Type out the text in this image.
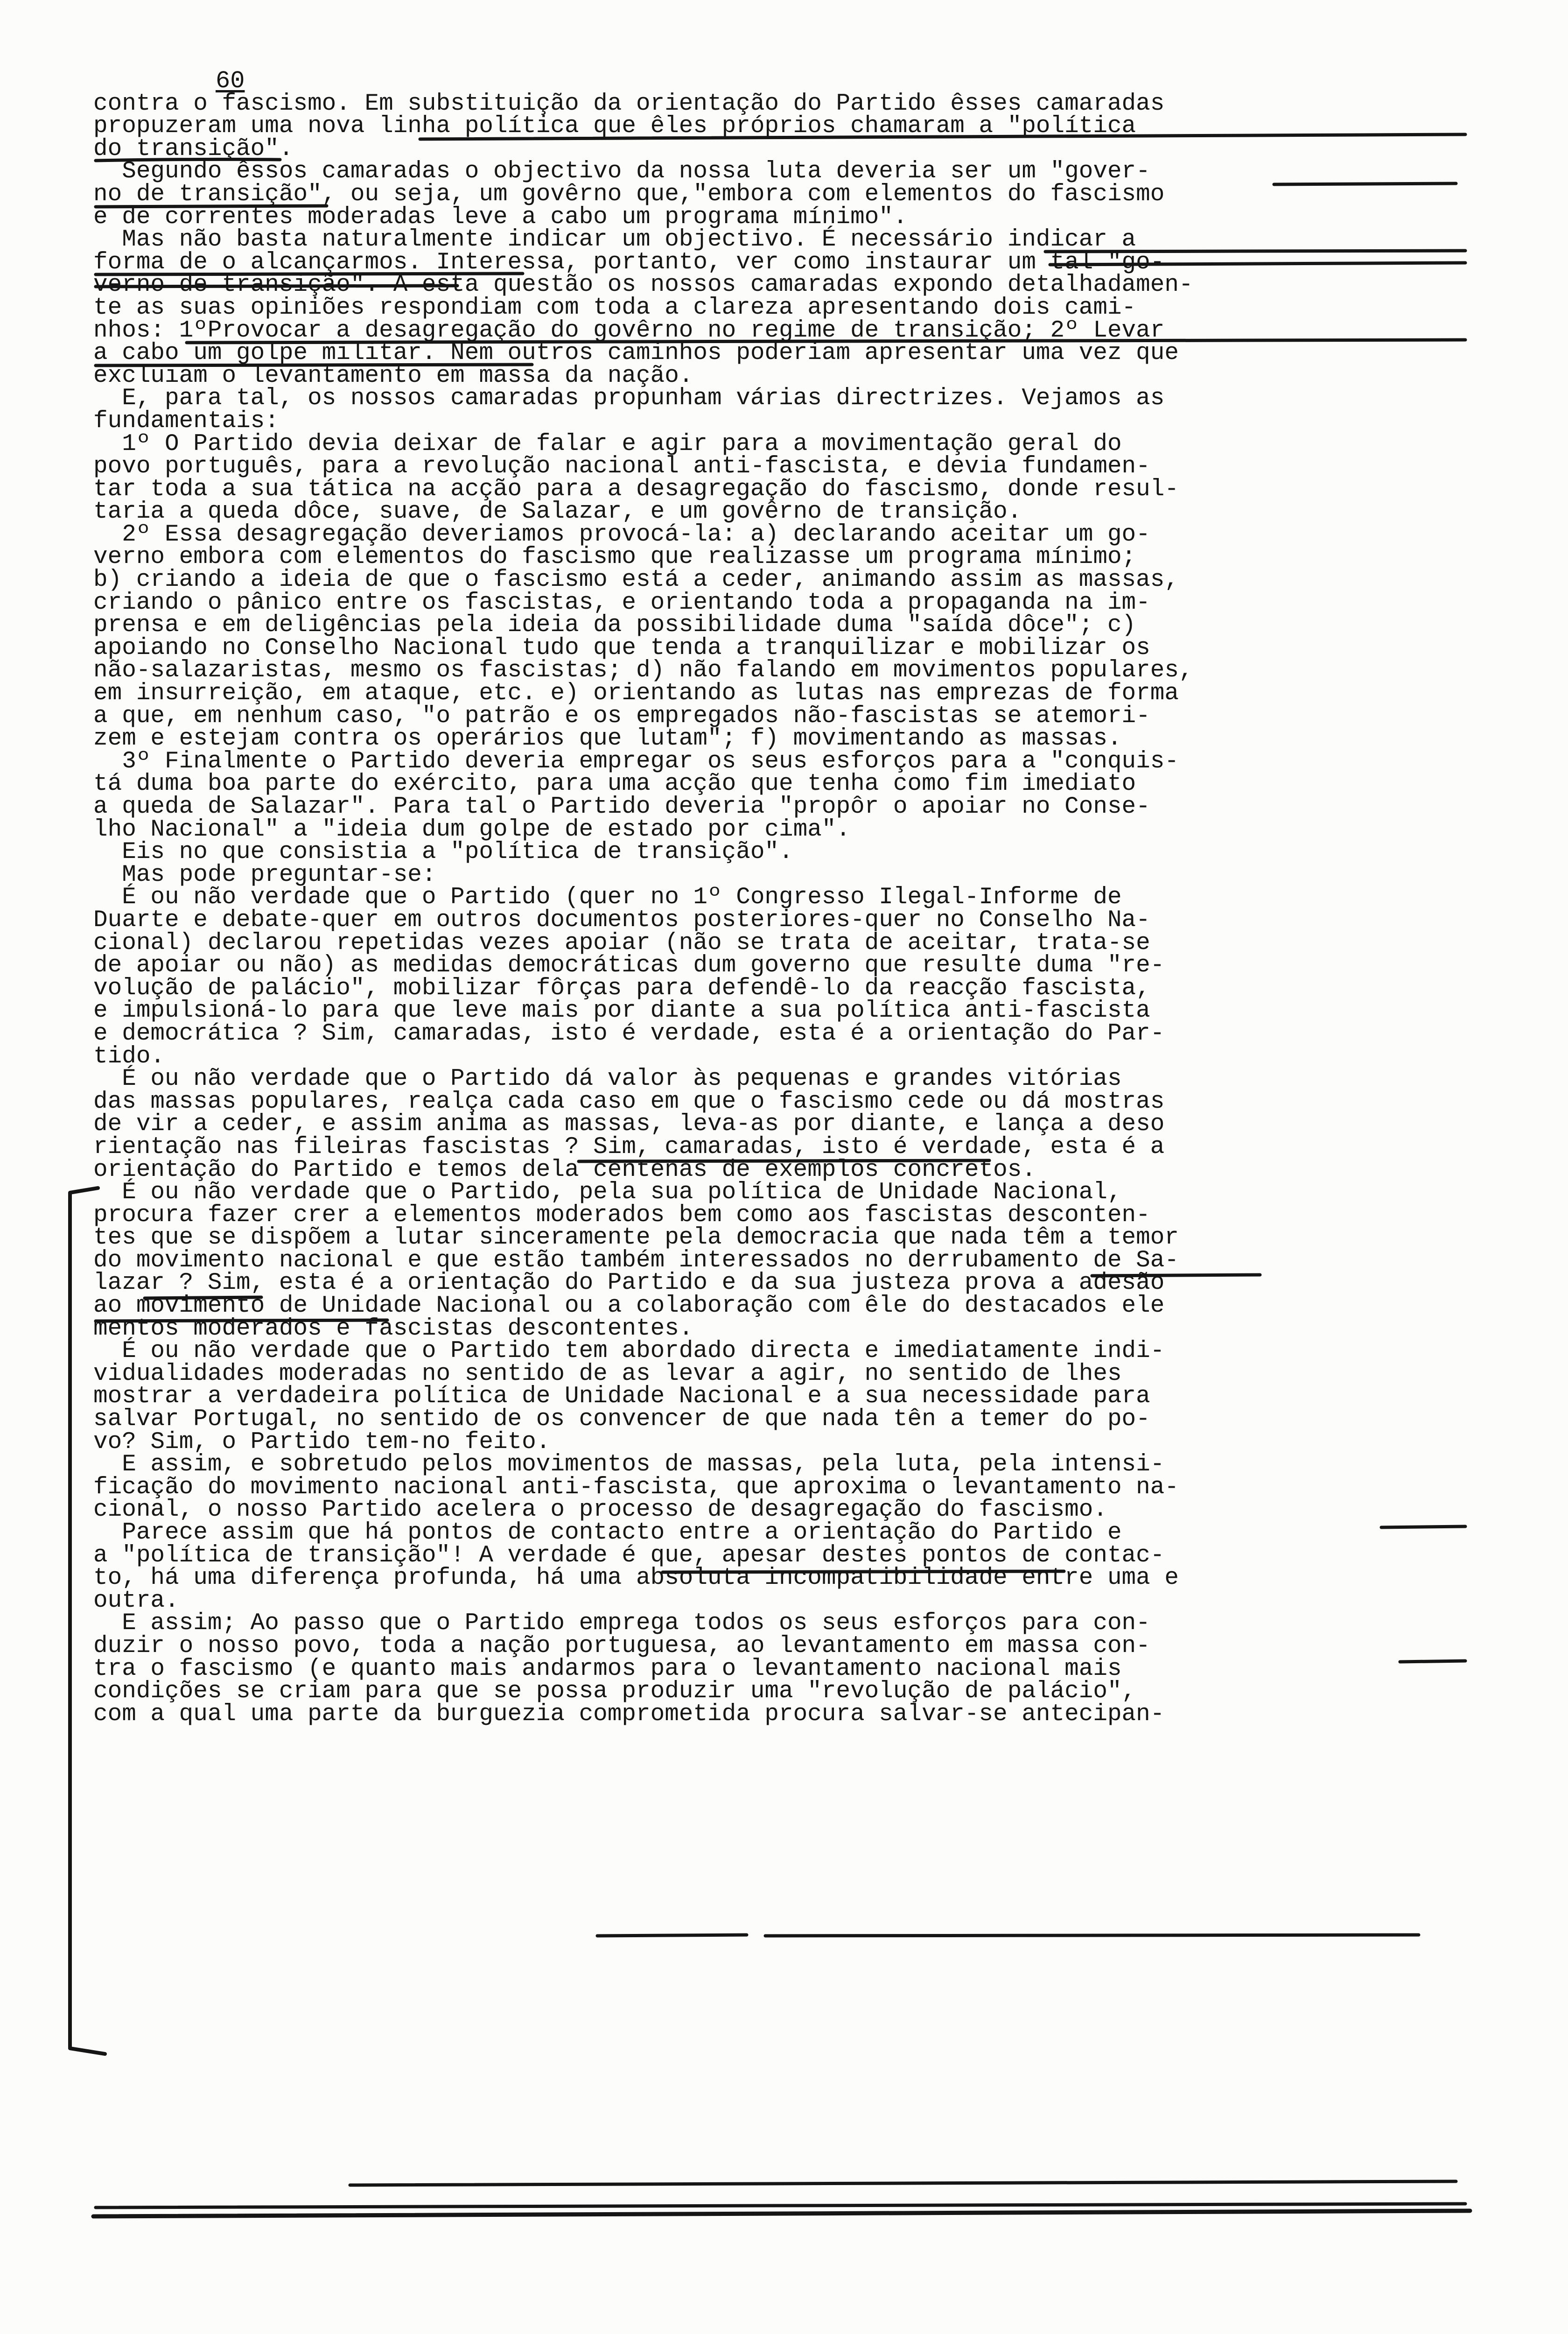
60
contra o fascismo. Em substituição da orientação do Partido êsses camaradas
propuzeram uma nova linha política que êles próprios chamaram a "política
do transição".
Segundo êssos camaradas o objectivo da nossa luta deveria ser um "gover-
no de transição", ou seja, um govêrno que,"embora com elementos do fascismo
e de correntes moderadas leve a cabo um programa mínimo".
Mas não basta naturalmente indicar um objectivo. É necessário indicar a
forma de o alcançarmos. Interessa, portanto, ver como instaurar um tal "go-
verno de transição". A esta questão os nossos camaradas expondo detalhadamen-
te as suas opiniões respondiam com toda a clareza apresentando dois cami-
nhos: 1ºProvocar a desagregação do govêrno no regime de transição; 2º Levar
a cabo um golpe militar. Nem outros caminhos poderiam apresentar uma vez que
excluiam o levantamento em massa da nação.
E, para tal, os nossos camaradas propunham várias directrizes. Vejamos as
fundamentais:
1º O Partido devia deixar de falar e agir para a movimentação geral do
povo português, para a revolução nacional anti-fascista, e devia fundamen-
tar toda a sua tática na acção para a desagregação do fascismo, donde resul-
taria a queda dôce, suave, de Salazar, e um govêrno de transição.
2º Essa desagregação deveriamos provocá-la: a) declarando aceitar um go-
verno embora com elementos do fascismo que realizasse um programa mínimo;
b) criando a ideia de que o fascismo está a ceder, animando assim as massas,
criando o pânico entre os fascistas, e orientando toda a propaganda na im-
prensa e em deligências pela ideia da possibilidade duma "saída dôce"; c)
apoiando no Conselho Nacional tudo que tenda a tranquilizar e mobilizar os
não-salazaristas, mesmo os fascistas; d) não falando em movimentos populares,
em insurreição, em ataque, etc. e) orientando as lutas nas emprezas de forma
a que, em nenhum caso, "o patrão e os empregados não-fascistas se atemori-
zem e estejam contra os operários que lutam"; f) movimentando as massas.
3º Finalmente o Partido deveria empregar os seus esforços para a "conquis-
tá duma boa parte do exército, para uma acção que tenha como fim imediato
a queda de Salazar". Para tal o Partido deveria "propôr o apoiar no Conse-
lho Nacional" a "ideia dum golpe de estado por cima".
Eis no que consistia a "política de transição".
Mas pode preguntar-se:
É ou não verdade que o Partido (quer no 1º Congresso Ilegal-Informe de
Duarte e debate-quer em outros documentos posteriores-quer no Conselho Na-
cional) declarou repetidas vezes apoiar (não se trata de aceitar, trata-se
de apoiar ou não) as medidas democráticas dum governo que resulte duma "re-
volução de palácio", mobilizar fôrças para defendê-lo da reacção fascista,
e impulsioná-lo para que leve mais por diante a sua política anti-fascista
e democrática ? Sim, camaradas, isto é verdade, esta é a orientação do Par-
tido.
É ou não verdade que o Partido dá valor às pequenas e grandes vitórias
das massas populares, realça cada caso em que o fascismo cede ou dá mostras
de vir a ceder, e assim anima as massas, leva-as por diante, e lança a deso
rientação nas fileiras fascistas ? Sim, camaradas, isto é verdade, esta é a
orientação do Partido e temos dela centenas de exemplos concretos.
É ou não verdade que o Partido, pela sua política de Unidade Nacional,
procura fazer crer a elementos moderados bem como aos fascistas desconten-
tes que se dispõem a lutar sinceramente pela democracia que nada têm a temor
do movimento nacional e que estão também interessados no derrubamento de Sa-
lazar ? Sim, esta é a orientação do Partido e da sua justeza prova a adesão
ao movimento de Unidade Nacional ou a colaboração com êle do destacados ele
mentos moderados e fascistas descontentes.
É ou não verdade que o Partido tem abordado directa e imediatamente indi-
vidualidades moderadas no sentido de as levar a agir, no sentido de lhes
mostrar a verdadeira política de Unidade Nacional e a sua necessidade para
salvar Portugal, no sentido de os convencer de que nada tên a temer do po-
vo? Sim, o Partido tem-no feito.
E assim, e sobretudo pelos movimentos de massas, pela luta, pela intensi-
ficação do movimento nacional anti-fascista, que aproxima o levantamento na-
cional, o nosso Partido acelera o processo de desagregação do fascismo.
Parece assim que há pontos de contacto entre a orientação do Partido e
a "política de transição"! A verdade é que, apesar destes pontos de contac-
to, há uma diferença profunda, há uma absoluta incompatibilidade entre uma e
outra.
E assim; Ao passo que o Partido emprega todos os seus esforços para con-
duzir o nosso povo, toda a nação portuguesa, ao levantamento em massa con-
tra o fascismo (e quanto mais andarmos para o levantamento nacional mais
condições se criam para que se possa produzir uma "revolução de palácio",
com a qual uma parte da burguezia comprometida procura salvar-se antecipan-
